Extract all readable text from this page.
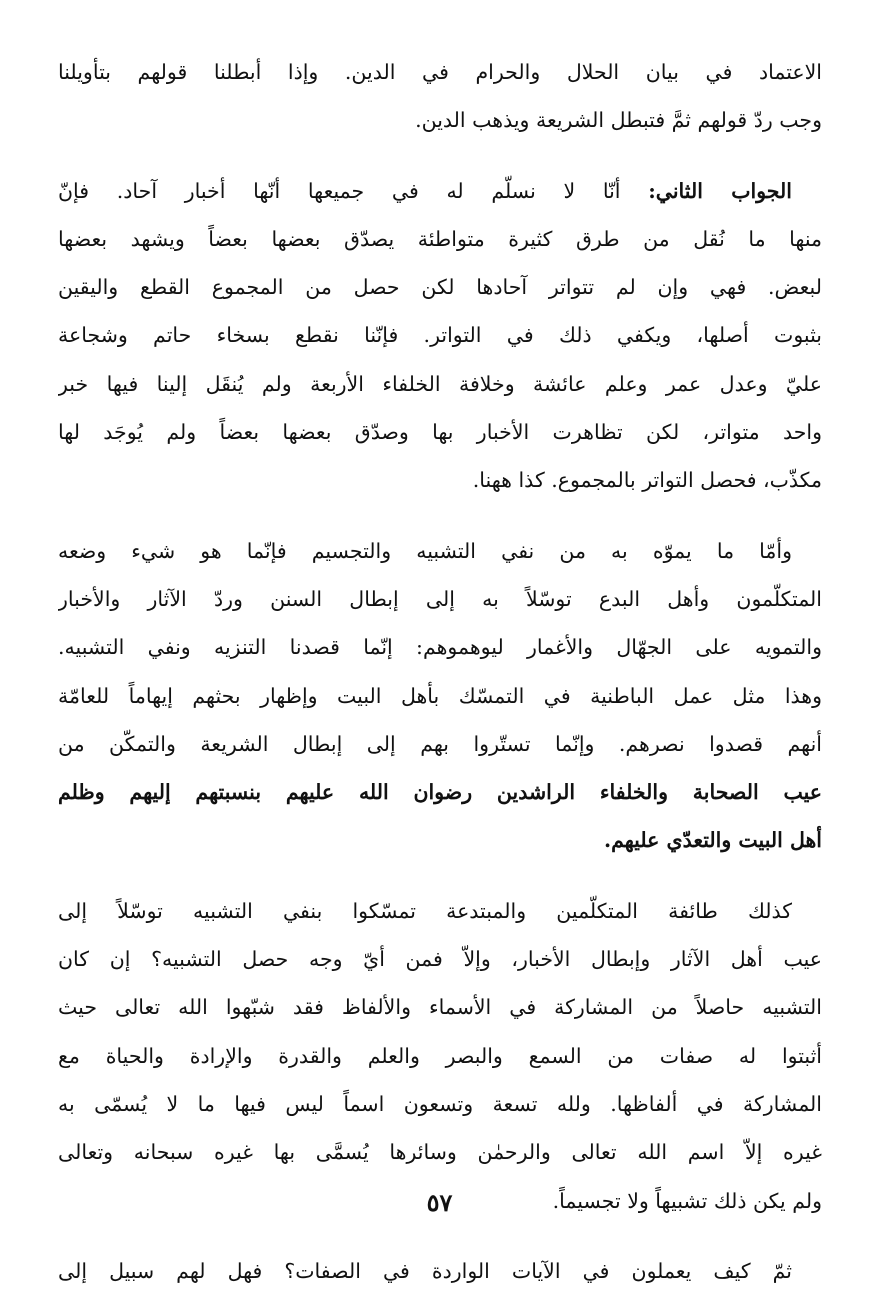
الاعتماد في بيان الحلال والحرام في الدين. وإذا أبطلنا قولهم بتأويلنا
وجب ردّ قولهم ثمَّ فتبطل الشريعة ويذهب الدين.
الجواب الثاني: أنّا لا نسلّم له في جميعها أنّها أخبار آحاد. فإنّ
منها ما نُقل من طرق كثيرة متواطئة يصدّق بعضها بعضاً ويشهد بعضها
لبعض. فهي وإن لم تتواتر آحادها لكن حصل من المجموع القطع واليقين
بثبوت أصلها، ويكفي ذلك في التواتر. فإنّنا نقطع بسخاء حاتم وشجاعة
عليّ وعدل عمر وعلم عائشة وخلافة الخلفاء الأربعة ولم يُنقَل إلينا فيها خبر
واحد متواتر، لكن تظاهرت الأخبار بها وصدّق بعضها بعضاً ولم يُوجَد لها
مكذّب، فحصل التواتر بالمجموع. كذا ههنا.
وأمّا ما يموّه به من نفي التشبيه والتجسيم فإنّما هو شيء وضعه
المتكلّمون وأهل البدع توسّلاً به إلى إبطال السنن وردّ الآثار والأخبار
والتمويه على الجهّال والأغمار ليوهموهم: إنّما قصدنا التنزيه ونفي التشبيه.
وهذا مثل عمل الباطنية في التمسّك بأهل البيت وإظهار بحثهم إيهاماً للعامّة
أنهم قصدوا نصرهم. وإنّما تستّروا بهم إلى إبطال الشريعة والتمكّن من
عيب الصحابة والخلفاء الراشدين رضوان الله عليهم بنسبتهم إليهم وظلم
أهل البيت والتعدّي عليهم.
كذلك طائفة المتكلّمين والمبتدعة تمسّكوا بنفي التشبيه توسّلاً إلى
عيب أهل الآثار وإبطال الأخبار، وإلاّ فمن أيّ وجه حصل التشبيه؟ إن كان
التشبيه حاصلاً من المشاركة في الأسماء والألفاظ فقد شبّهوا الله تعالى حيث
أثبتوا له صفات من السمع والبصر والعلم والقدرة والإرادة والحياة مع
المشاركة في ألفاظها. ولله تسعة وتسعون اسماً ليس فيها ما لا يُسمّى به
غيره إلاّ اسم الله تعالى والرحمٰن وسائرها يُسمَّى بها غيره سبحانه وتعالى
ولم يكن ذلك تشبيهاً ولا تجسيماً.
ثمّ كيف يعملون في الآيات الواردة في الصفات؟ فهل لهم سبيل إلى
٥٧
